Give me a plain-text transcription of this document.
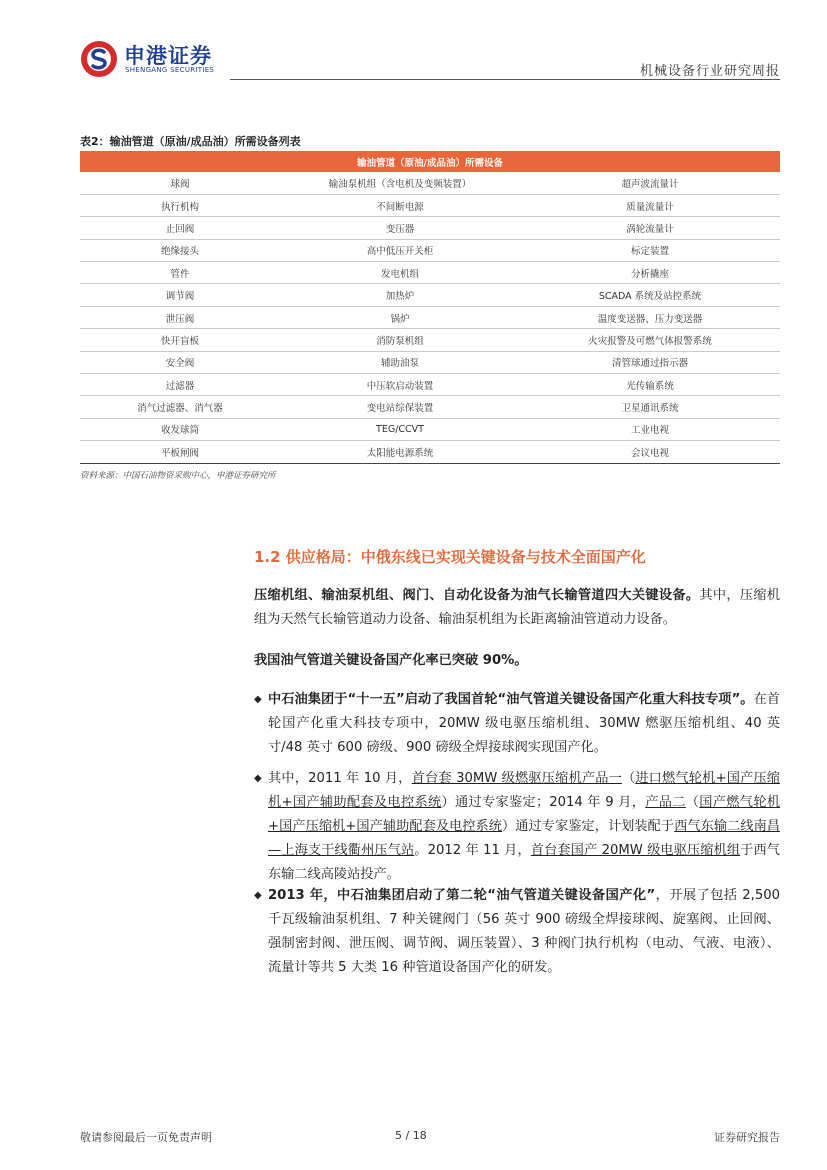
申港证券
SHENGANG SECURITIES	机械设备行业研究周报
表2：输油管道（原油/成品油）所需设备列表
输油管道（原油/成品油）所需设备		
球阀	输油泵机组（含电机及变频装置）	超声波流量计
执行机构	不间断电源	质量流量计
止回阀	变压器	涡轮流量计
绝缘接头	高中低压开关柜	标定装置
管件	发电机组	分析撬座
调节阀	加热炉	SCADA 系统及站控系统
泄压阀	锅炉	温度变送器、压力变送器
快开盲板	消防泵机组	火灾报警及可燃气体报警系统
安全阀	辅助油泵	清管球通过指示器
过滤器	中压软启动装置	光传输系统
消气过滤器、消气器	变电站综保装置	卫星通讯系统
收发球筒	TEG/CCVT	工业电视
平板闸阀	太阳能电源系统	会议电视
资料来源：中国石油物资采购中心，申港证券研究所
1.2 供应格局：中俄东线已实现关键设备与技术全面国产化
压缩机组、输油泵机组、阀门、自动化设备为油气长输管道四大关键设备。其中，压缩机组为天然气长输管道动力设备、输油泵机组为长距离输油管道动力设备。
我国油气管道关键设备国产化率已突破 90%。
◆ 中石油集团于“十一五”启动了我国首轮“油气管道关键设备国产化重大科技专项”。在首轮国产化重大科技专项中，20MW 级电驱压缩机组、30MW 燃驱压缩机组、40 英寸/48 英寸 600 磅级、900 磅级全焊接球阀实现国产化。
◆ 其中，2011 年 10 月，首台套 30MW 级燃驱压缩机产品一（进口燃气轮机+国产压缩机+国产辅助配套及电控系统）通过专家鉴定；2014 年 9 月，产品二（国产燃气轮机+国产压缩机+国产辅助配套及电控系统）通过专家鉴定，计划装配于西气东输二线南昌—上海支干线衢州压气站。2012 年 11 月，首台套国产 20MW 级电驱压缩机组于西气东输二线高陵站投产。
◆ 2013 年，中石油集团启动了第二轮“油气管道关键设备国产化”，开展了包括 2,500 千瓦级输油泵机组、7 种关键阀门（56 英寸 900 磅级全焊接球阀、旋塞阀、止回阀、强制密封阀、泄压阀、调节阀、调压装置）、3 种阀门执行机构（电动、气液、电液）、流量计等共 5 大类 16 种管道设备国产化的研发。
敬请参阅最后一页免责声明	5 / 18	证券研究报告
